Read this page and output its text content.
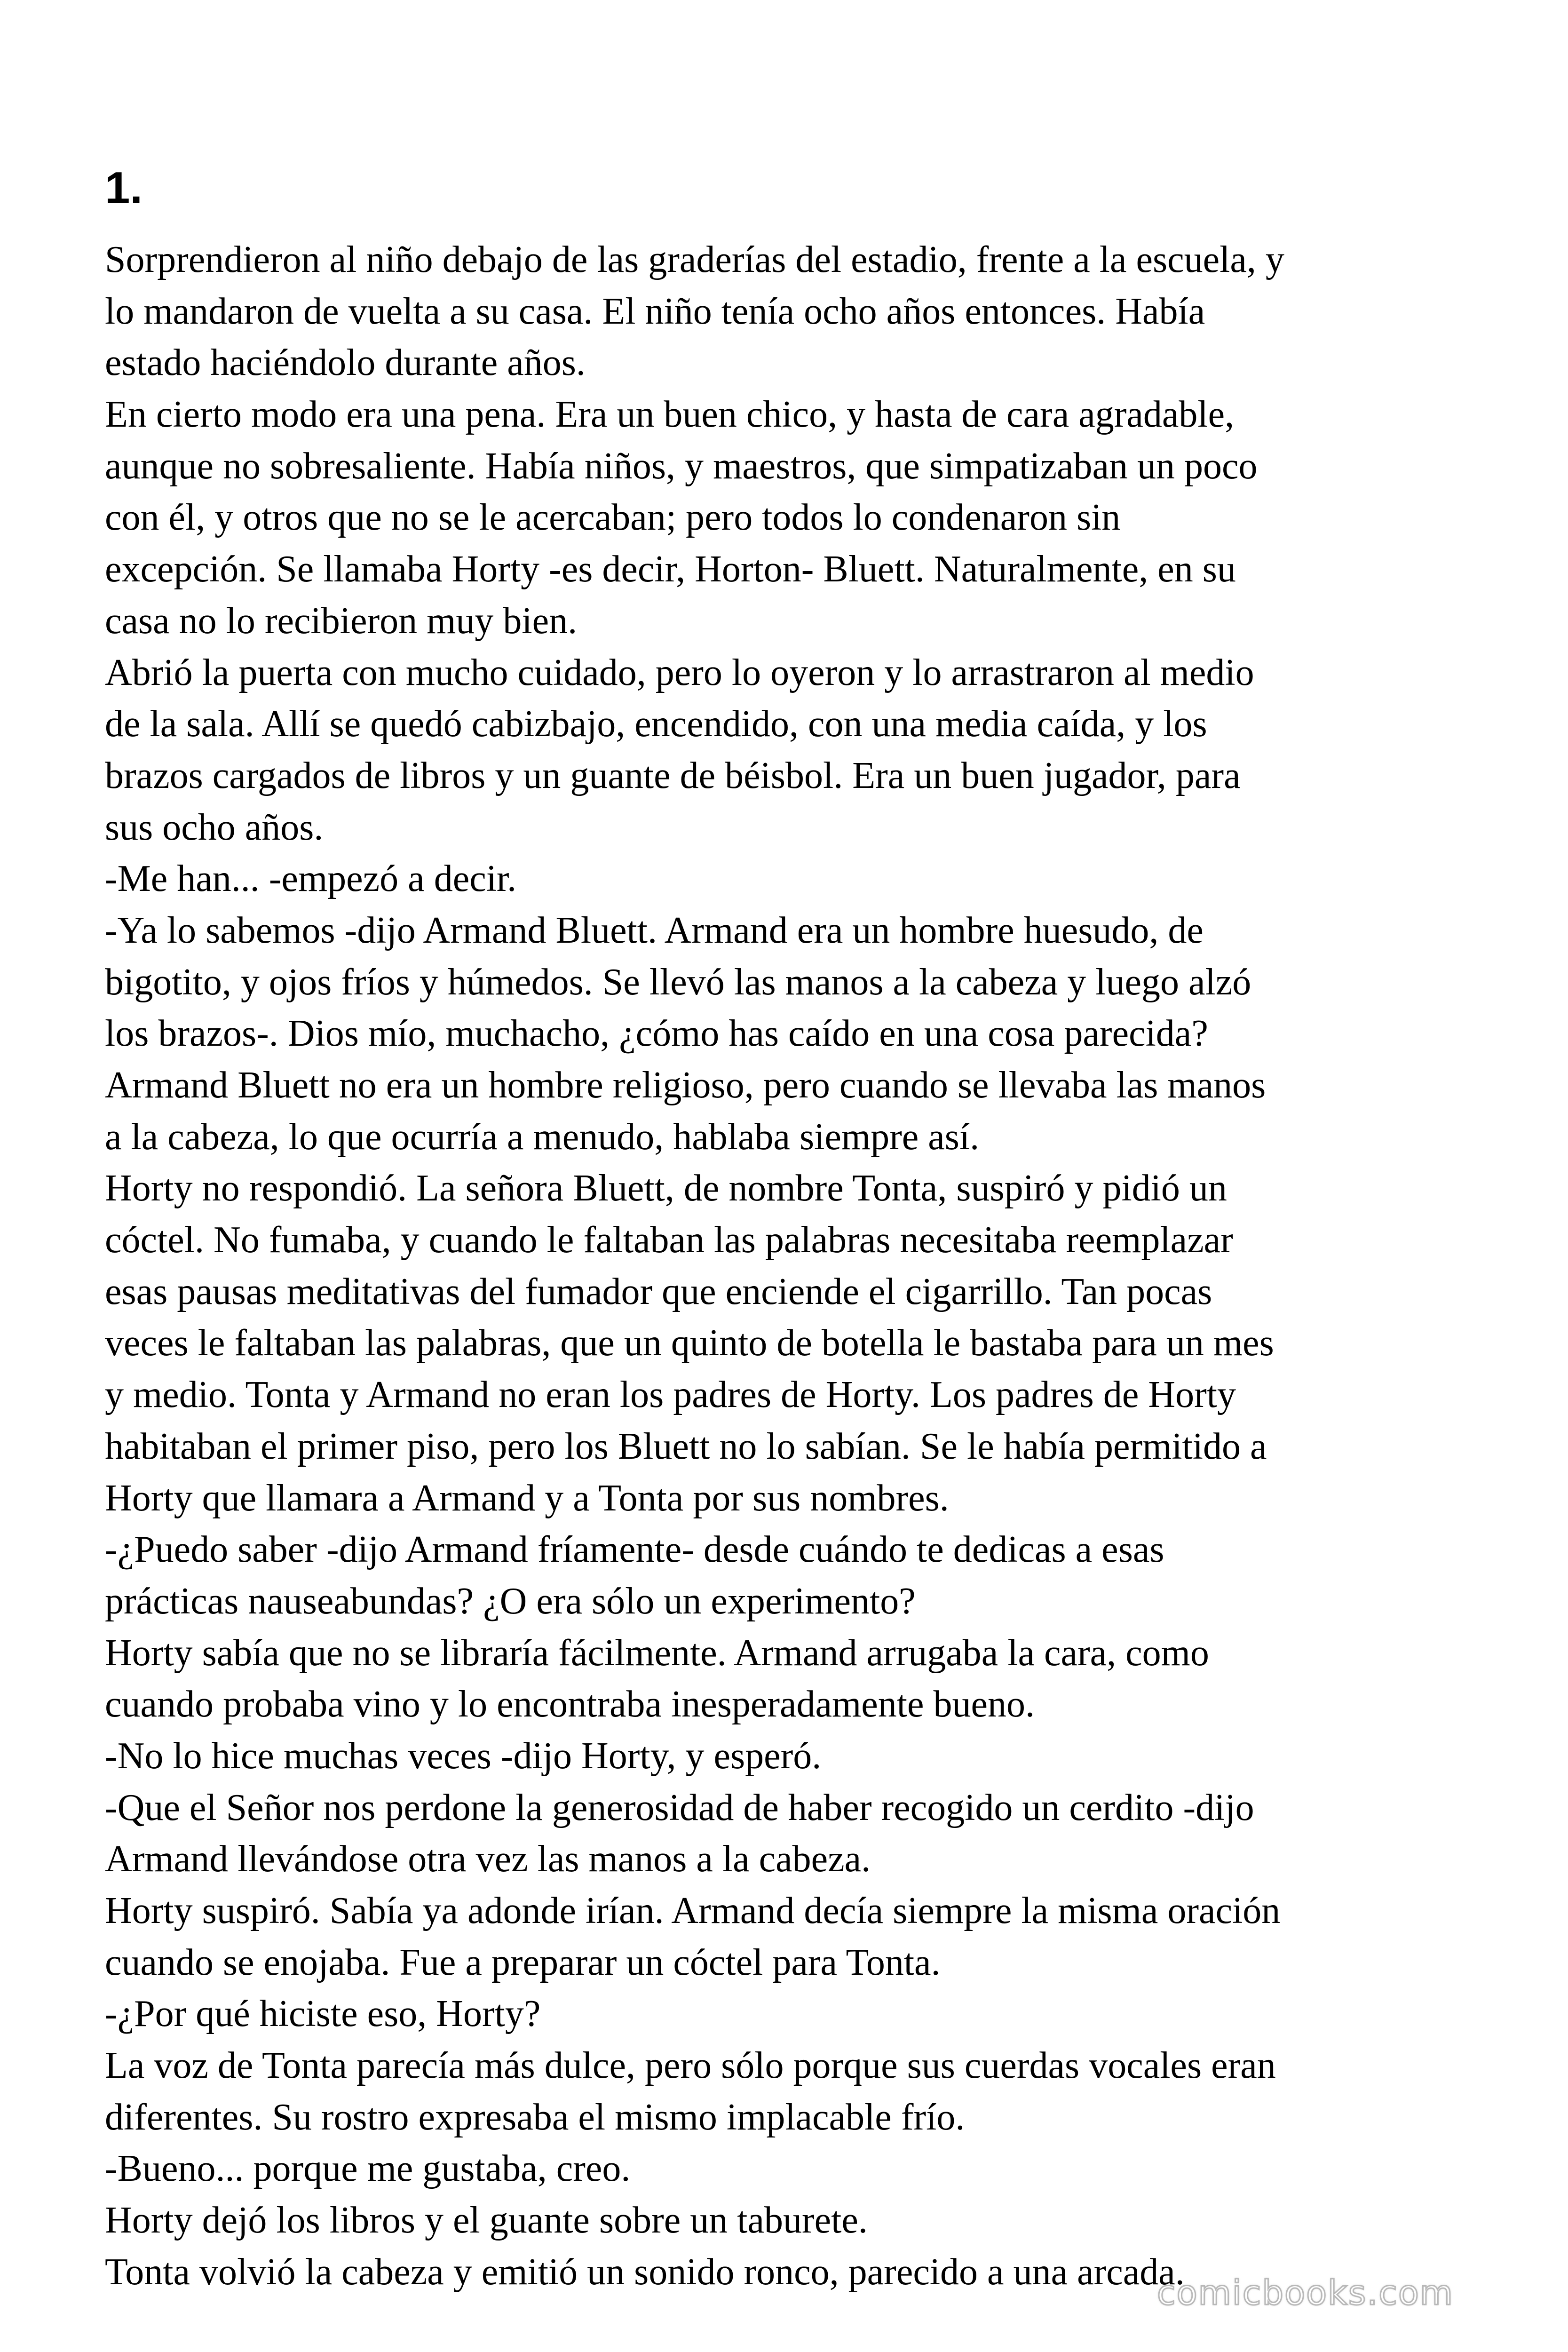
1.
Sorprendieron al niño debajo de las graderías del estadio, frente a la escuela, y
lo mandaron de vuelta a su casa. El niño tenía ocho años entonces. Había
estado haciéndolo durante años.
En cierto modo era una pena. Era un buen chico, y hasta de cara agradable,
aunque no sobresaliente. Había niños, y maestros, que simpatizaban un poco
con él, y otros que no se le acercaban; pero todos lo condenaron sin
excepción. Se llamaba Horty -es decir, Horton- Bluett. Naturalmente, en su
casa no lo recibieron muy bien.
Abrió la puerta con mucho cuidado, pero lo oyeron y lo arrastraron al medio
de la sala. Allí se quedó cabizbajo, encendido, con una media caída, y los
brazos cargados de libros y un guante de béisbol. Era un buen jugador, para
sus ocho años.
-Me han... -empezó a decir.
-Ya lo sabemos -dijo Armand Bluett. Armand era un hombre huesudo, de
bigotito, y ojos fríos y húmedos. Se llevó las manos a la cabeza y luego alzó
los brazos-. Dios mío, muchacho, ¿cómo has caído en una cosa parecida?
Armand Bluett no era un hombre religioso, pero cuando se llevaba las manos
a la cabeza, lo que ocurría a menudo, hablaba siempre así.
Horty no respondió. La señora Bluett, de nombre Tonta, suspiró y pidió un
cóctel. No fumaba, y cuando le faltaban las palabras necesitaba reemplazar
esas pausas meditativas del fumador que enciende el cigarrillo. Tan pocas
veces le faltaban las palabras, que un quinto de botella le bastaba para un mes
y medio. Tonta y Armand no eran los padres de Horty. Los padres de Horty
habitaban el primer piso, pero los Bluett no lo sabían. Se le había permitido a
Horty que llamara a Armand y a Tonta por sus nombres.
-¿Puedo saber -dijo Armand fríamente- desde cuándo te dedicas a esas
prácticas nauseabundas? ¿O era sólo un experimento?
Horty sabía que no se libraría fácilmente. Armand arrugaba la cara, como
cuando probaba vino y lo encontraba inesperadamente bueno.
-No lo hice muchas veces -dijo Horty, y esperó.
-Que el Señor nos perdone la generosidad de haber recogido un cerdito -dijo
Armand llevándose otra vez las manos a la cabeza.
Horty suspiró. Sabía ya adonde irían. Armand decía siempre la misma oración
cuando se enojaba. Fue a preparar un cóctel para Tonta.
-¿Por qué hiciste eso, Horty?
La voz de Tonta parecía más dulce, pero sólo porque sus cuerdas vocales eran
diferentes. Su rostro expresaba el mismo implacable frío.
-Bueno... porque me gustaba, creo.
Horty dejó los libros y el guante sobre un taburete.
Tonta volvió la cabeza y emitió un sonido ronco, parecido a una arcada.
comicbooks.com
